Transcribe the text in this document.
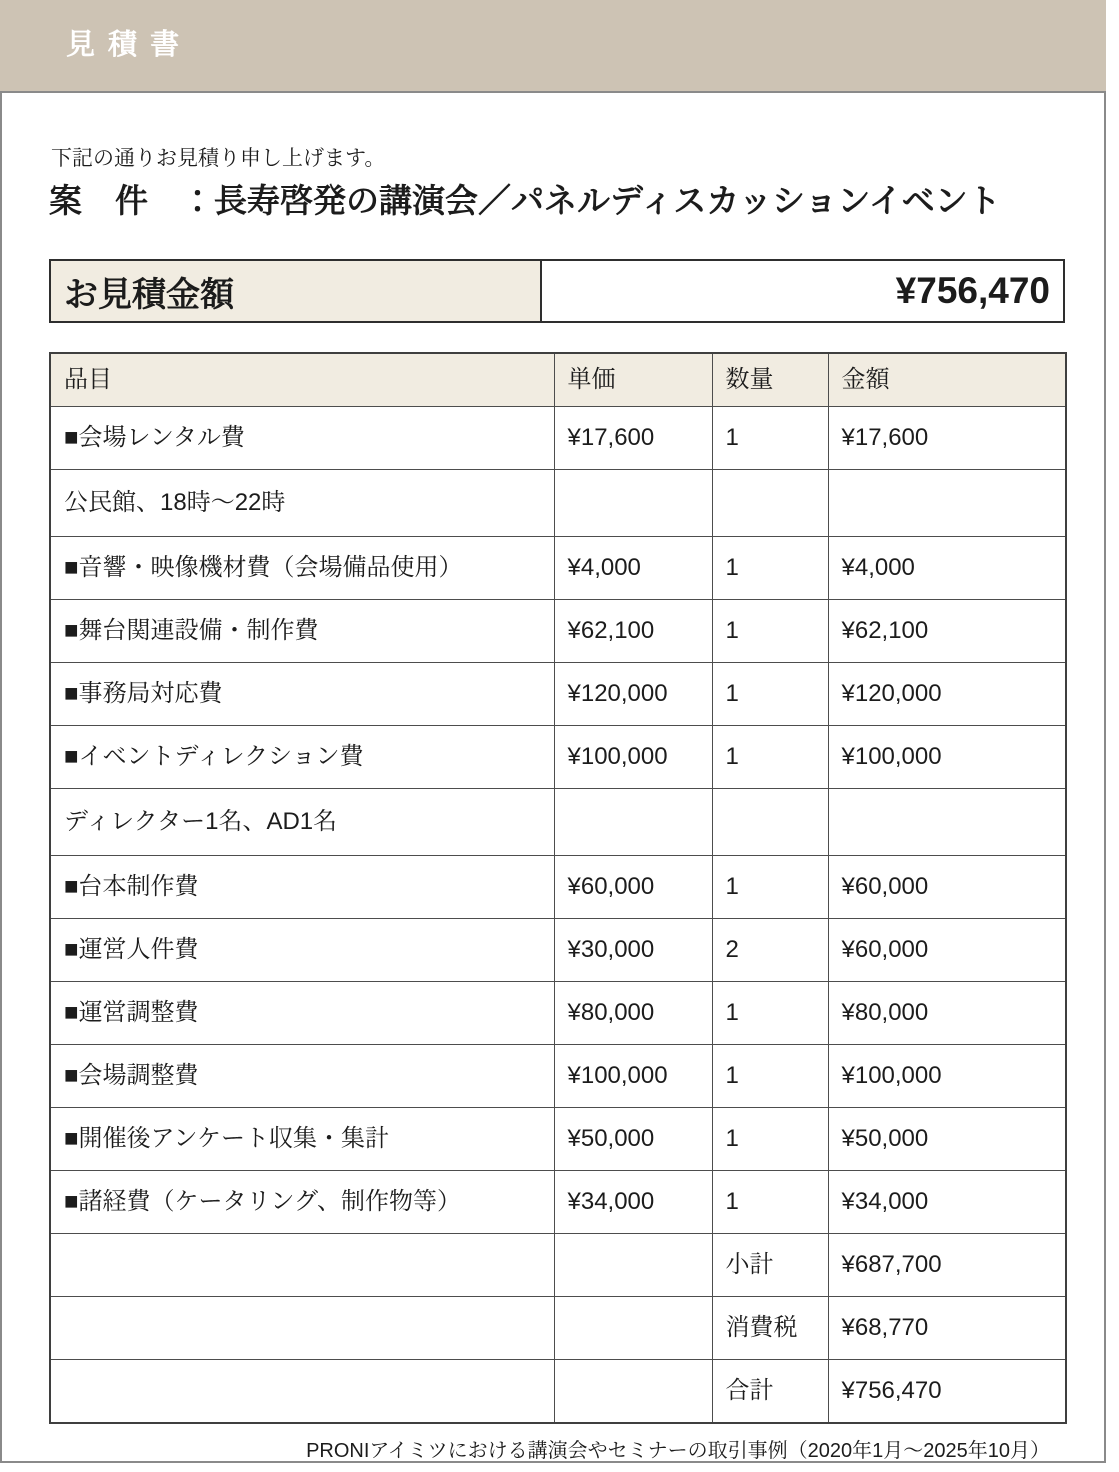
見積書

下記の通りお見積り申し上げます。

案　件　：長寿啓発の講演会／パネルディスカッションイベント
お見積金額	¥756,470
品目	単価	数量	金額
■会場レンタル費	¥17,600	1	¥17,600
公民館、18時～22時			
■音響・映像機材費（会場備品使用）	¥4,000	1	¥4,000
■舞台関連設備・制作費	¥62,100	1	¥62,100
■事務局対応費	¥120,000	1	¥120,000
■イベントディレクション費	¥100,000	1	¥100,000
ディレクター1名、AD1名			
■台本制作費	¥60,000	1	¥60,000
■運営人件費	¥30,000	2	¥60,000
■運営調整費	¥80,000	1	¥80,000
■会場調整費	¥100,000	1	¥100,000
■開催後アンケート収集・集計	¥50,000	1	¥50,000
■諸経費（ケータリング、制作物等）	¥34,000	1	¥34,000
		小計	¥687,700
		消費税	¥68,770
		合計	¥756,470

PRONIアイミツにおける講演会やセミナーの取引事例（2020年1月～2025年10月）
